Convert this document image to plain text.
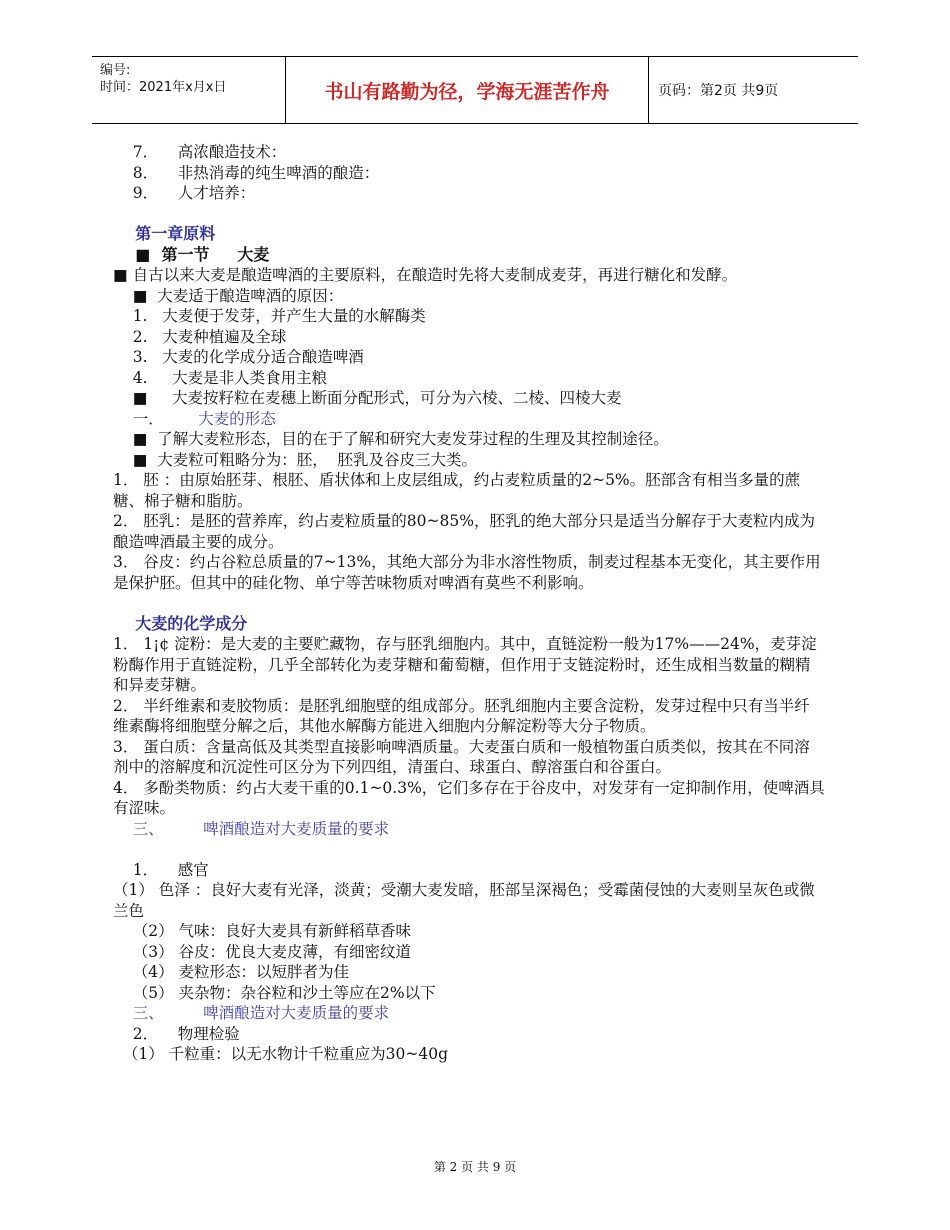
编号:
时间：2021年x月x日	书山有路勤为径，学海无涯苦作舟	页码：第2页 共9页
7．    高浓酿造技术：
8．    非热消毒的纯生啤酒的酿造：
9．    人才培养：
第一章原料
■  第一节     大麦
■ 自古以来大麦是酿造啤酒的主要原料，在酿造时先将大麦制成麦芽，再进行糖化和发酵。
■  大麦适于酿造啤酒的原因：
1.   大麦便于发芽，并产生大量的水解酶类
2.   大麦种植遍及全球
3.   大麦的化学成分适合酿造啤酒
4.     大麦是非人类食用主粮
■     大麦按籽粒在麦穗上断面分配形式，可分为六棱、二棱、四棱大麦
一．       大麦的形态
■  了解大麦粒形态，目的在于了解和研究大麦发芽过程的生理及其控制途径。
■  大麦粒可粗略分为：胚，  胚乳及谷皮三大类。
1． 胚 ：由原始胚芽、根胚、盾状体和上皮层组成，约占麦粒质量的2~5%。胚部含有相当多量的蔗糖、棉子糖和脂肪。
2． 胚乳：是胚的营养库，约占麦粒质量的80~85%，胚乳的绝大部分只是适当分解存于大麦粒内成为酿造啤酒最主要的成分。
3． 谷皮：约占谷粒总质量的7~13%，其绝大部分为非水溶性物质，制麦过程基本无变化，其主要作用是保护胚。但其中的硅化物、单宁等苦味物质对啤酒有莫些不利影响。
大麦的化学成分
1． 1¡¢ 淀粉：是大麦的主要贮藏物，存与胚乳细胞内。其中，直链淀粉一般为17%——24%，麦芽淀粉酶作用于直链淀粉，几乎全部转化为麦芽糖和葡萄糖，但作用于支链淀粉时，还生成相当数量的糊精和异麦芽糖。
2． 半纤维素和麦胶物质：是胚乳细胞壁的组成部分。胚乳细胞内主要含淀粉，发芽过程中只有当半纤维素酶将细胞壁分解之后，其他水解酶方能进入细胞内分解淀粉等大分子物质。
3． 蛋白质：含量高低及其类型直接影响啤酒质量。大麦蛋白质和一般植物蛋白质类似，按其在不同溶剂中的溶解度和沉淀性可区分为下列四组，清蛋白、球蛋白、醇溶蛋白和谷蛋白。
4． 多酚类物质：约占大麦干重的0.1~0.3%，它们多存在于谷皮中，对发芽有一定抑制作用，使啤酒具有涩味。
三、        啤酒酿造对大麦质量的要求
1．    感官
（1） 色泽 ：良好大麦有光泽，淡黄；受潮大麦发暗，胚部呈深褐色；受霉菌侵蚀的大麦则呈灰色或微兰色
（2） 气味：良好大麦具有新鲜稻草香味
（3） 谷皮：优良大麦皮薄，有细密纹道
（4） 麦粒形态：以短胖者为佳
（5） 夹杂物：杂谷粒和沙土等应在2%以下
三、        啤酒酿造对大麦质量的要求
2．    物理检验
（1） 千粒重：以无水物计千粒重应为30~40g
第 2 页 共 9 页
